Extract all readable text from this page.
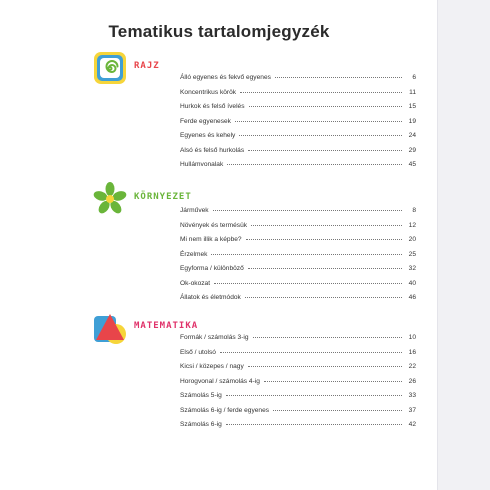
Tematikus tartalomjegyzék
RAJZ
Álló egyenes és fekvő egyenes	6
Koncentrikus körök	11
Hurkok és felső ívelés	15
Ferde egyenesek	19
Egyenes és kehely	24
Alsó és felső hurkolás	29
Hullámvonalak	45
KÖRNYEZET
Járművek	8
Növények és termésük	12
Mi nem illik a képbe?	20
Érzelmek	25
Egyforma / különböző	32
Ok-okozat	40
Állatok és életmódok	46
MATEMATIKA
Formák / számolás 3-ig	10
Első / utolsó	16
Kicsi / közepes / nagy	22
Horogvonal / számolás 4-ig	26
Számolás 5-ig	33
Számolás 6-ig / ferde egyenes	37
Számolás 6-ig	42
